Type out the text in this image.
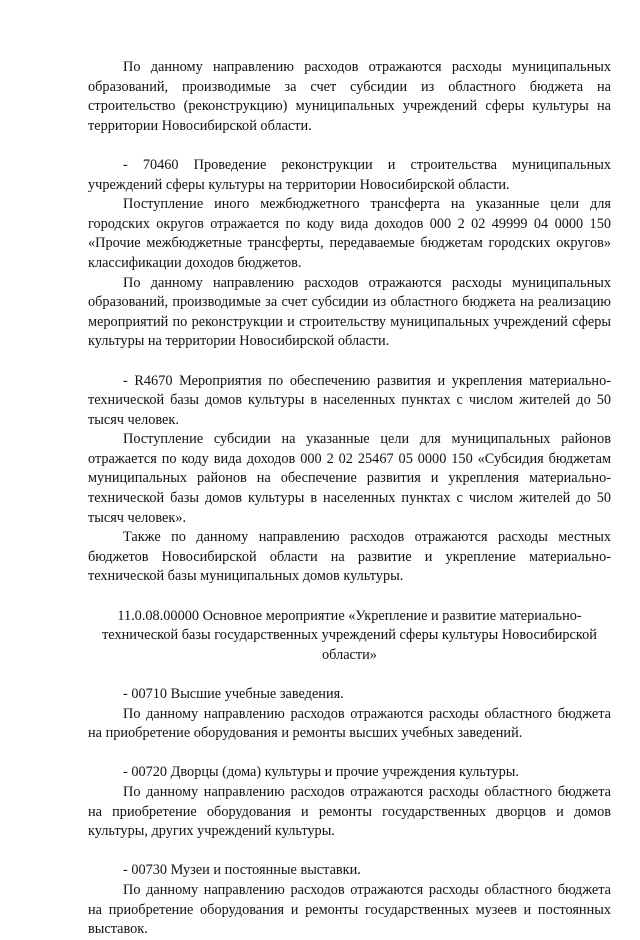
По данному направлению расходов отражаются расходы муниципальных образований, производимые за счет субсидии из областного бюджета на строительство (реконструкцию) муниципальных учреждений сферы культуры на территории Новосибирской области.

- 70460 Проведение реконструкции и строительства муниципальных учреждений сферы культуры на территории Новосибирской области.

Поступление иного межбюджетного трансферта на указанные цели для городских округов отражается по коду вида доходов 000 2 02 49999 04 0000 150 «Прочие межбюджетные трансферты, передаваемые бюджетам городских округов» классификации доходов бюджетов.

По данному направлению расходов отражаются расходы муниципальных образований, производимые за счет субсидии из областного бюджета на реализацию мероприятий по реконструкции и строительству муниципальных учреждений сферы культуры на территории Новосибирской области.

- R4670 Мероприятия по обеспечению развития и укрепления материально-технической базы домов культуры в населенных пунктах с числом жителей до 50 тысяч человек.

Поступление субсидии на указанные цели для муниципальных районов отражается по коду вида доходов 000 2 02 25467 05 0000 150 «Субсидия бюджетам муниципальных районов на обеспечение развития и укрепления материально-технической базы домов культуры в населенных пунктах с числом жителей до 50 тысяч человек».

Также по данному направлению расходов отражаются расходы местных бюджетов Новосибирской области на развитие и укрепление материально-технической базы муниципальных домов культуры.

11.0.08.00000 Основное мероприятие «Укрепление и развитие материально-технической базы государственных учреждений сферы культуры Новосибирской области»

- 00710 Высшие учебные заведения.

По данному направлению расходов отражаются расходы областного бюджета на приобретение оборудования и ремонты высших учебных заведений.

- 00720 Дворцы (дома) культуры и прочие учреждения культуры.

По данному направлению расходов отражаются расходы областного бюджета на приобретение оборудования и ремонты государственных дворцов и домов культуры, других учреждений культуры.

- 00730 Музеи и постоянные выставки.

По данному направлению расходов отражаются расходы областного бюджета на приобретение оборудования и ремонты государственных музеев и постоянных выставок.
